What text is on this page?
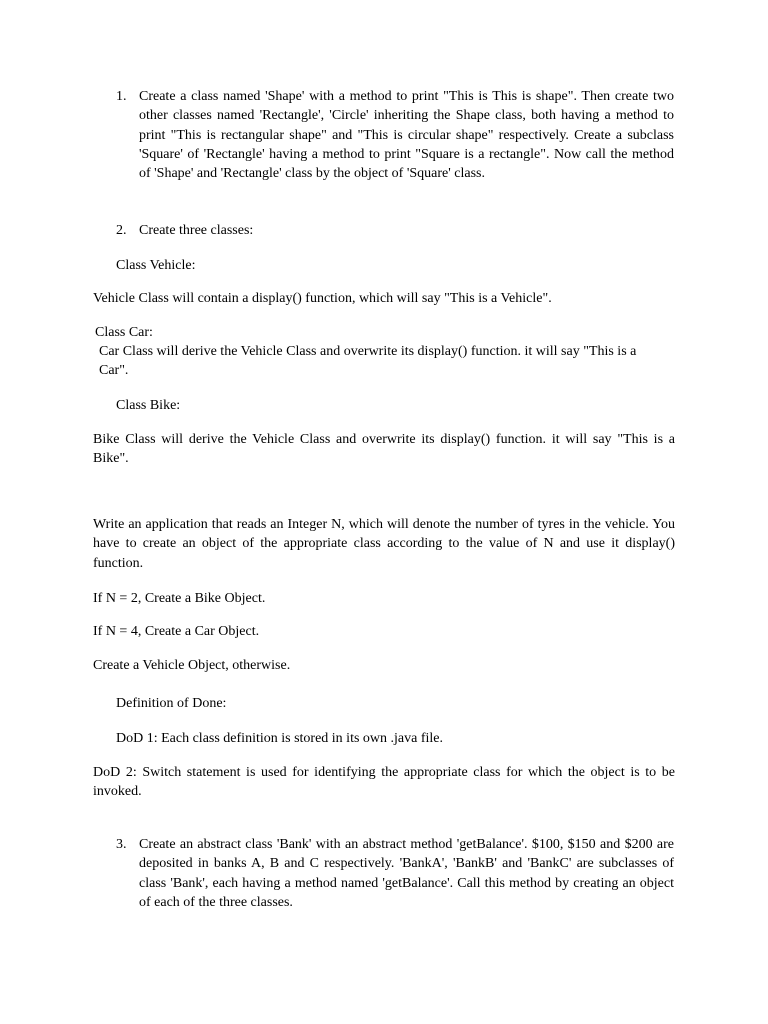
1. Create a class named 'Shape' with a method to print "This is This is shape". Then create two other classes named 'Rectangle', 'Circle' inheriting the Shape class, both having a method to print "This is rectangular shape" and "This is circular shape" respectively. Create a subclass 'Square' of 'Rectangle' having a method to print "Square is a rectangle". Now call the method of 'Shape' and 'Rectangle' class by the object of 'Square' class.
2. Create three classes:

Class Vehicle:

Vehicle Class will contain a display() function, which will say "This is a Vehicle".

Class Car:

Car Class will derive the Vehicle Class and overwrite its display() function. it will say "This is a Car".

Class Bike:

Bike Class will derive the Vehicle Class and overwrite its display() function. it will say "This is a Bike".

Write an application that reads an Integer N, which will denote the number of tyres in the vehicle. You have to create an object of the appropriate class according to the value of N and use it display() function.

If N = 2, Create a Bike Object.

If N = 4, Create a Car Object.

Create a Vehicle Object, otherwise.

Definition of Done:

DoD 1: Each class definition is stored in its own .java file.

DoD 2: Switch statement is used for identifying the appropriate class for which the object is to be invoked.

3. Create an abstract class 'Bank' with an abstract method 'getBalance'. $100, $150 and $200 are deposited in banks A, B and C respectively. 'BankA', 'BankB' and 'BankC' are subclasses of class 'Bank', each having a method named 'getBalance'. Call this method by creating an object of each of the three classes.
